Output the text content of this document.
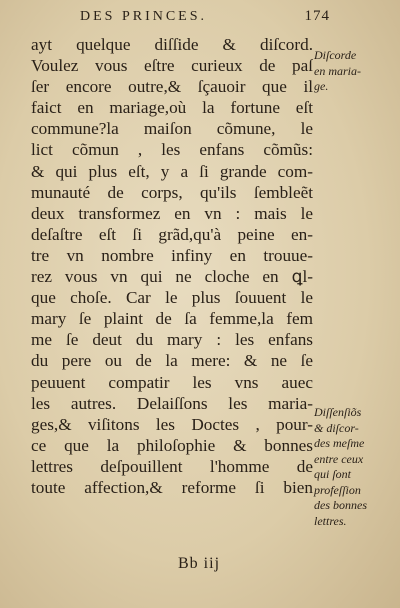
DES PRINCES.	174
ayt quelque diſſide & diſcord.
Voulez vous eſtre curieux de paſ
ſer encore outre,& ſçauoir que il
faict en mariage,où la fortune eſt
commune?la maiſon cõmune, le
lict cõmun , les enfans cõmũs:
& qui plus eſt, y a ſi grande com-
munauté de corps, qu'ils ſembleẽt
deux transformez en vn : mais le
deſaſtre eſt ſi grãd,qu'à peine en-
tre vn nombre infiny en trouue-
rez vous vn qui ne cloche en ꝗl-
que choſe. Car le plus ſouuent le
mary ſe plaint de ſa femme,la fem
me ſe deut du mary : les enfans
du pere ou de la mere: & ne ſe
peuuent compatir les vns auec
les autres. Delaiſſons les maria-
ges,& viſitons les Doctes , pour-
ce que la philoſophie & bonnes
lettres deſpouillent l'homme de
toute affection,& reforme ſi bien
Diſcorde
en maria-
ge.
Diſſenſiõs
& diſcor-
des meſme
entre ceux
qui ſont
profeſſion
des bonnes
lettres.
Bb iij
